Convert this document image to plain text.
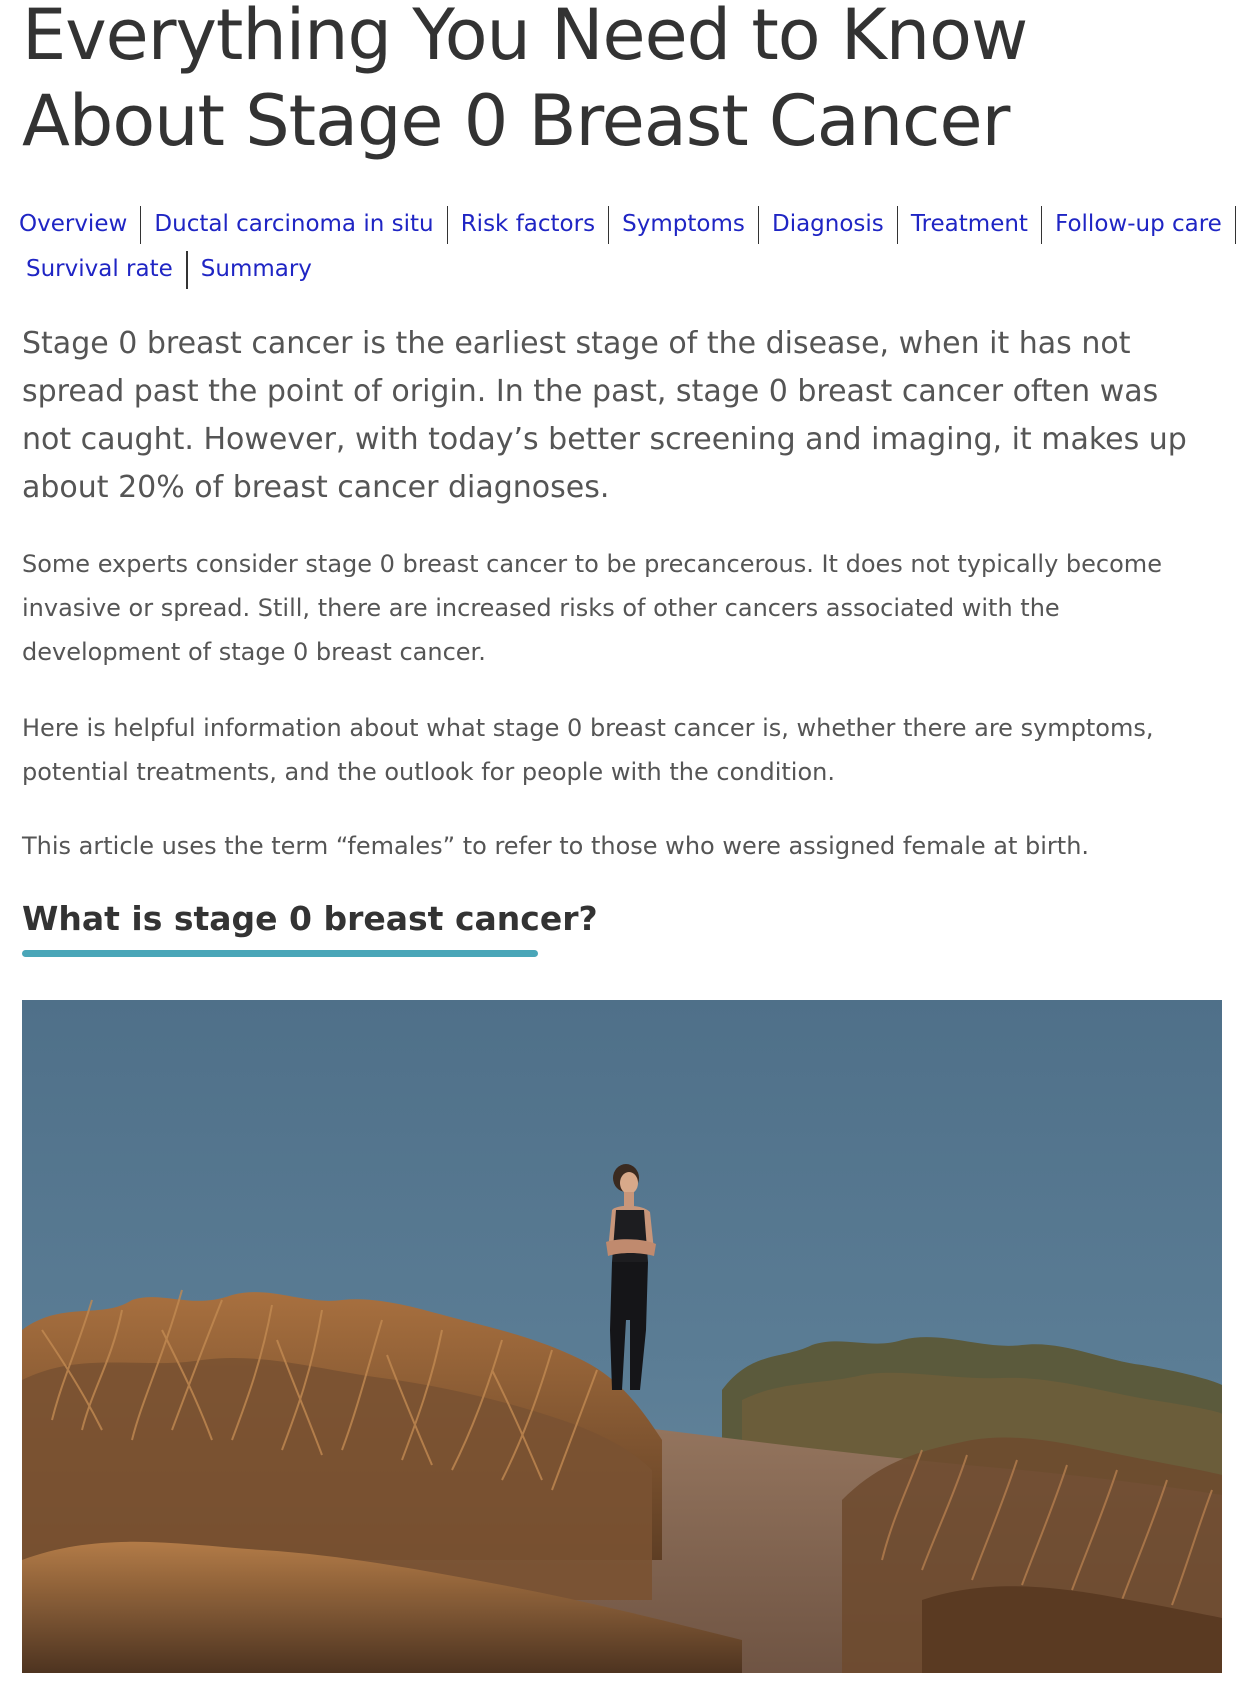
Everything You Need to Know
About Stage 0 Breast Cancer
Overview	Ductal carcinoma in situ	Risk factors	Symptoms	Diagnosis	Treatment	Follow-up care
Survival rate	Summary

Stage 0 breast cancer is the earliest stage of the disease, when it has not
spread past the point of origin. In the past, stage 0 breast cancer often was
not caught. However, with today’s better screening and imaging, it makes up
about 20% of breast cancer diagnoses.

Some experts consider stage 0 breast cancer to be precancerous. It does not typically become
invasive or spread. Still, there are increased risks of other cancers associated with the
development of stage 0 breast cancer.

Here is helpful information about what stage 0 breast cancer is, whether there are symptoms,
potential treatments, and the outlook for people with the condition.

This article uses the term “females” to refer to those who were assigned female at birth.

What is stage 0 breast cancer?
